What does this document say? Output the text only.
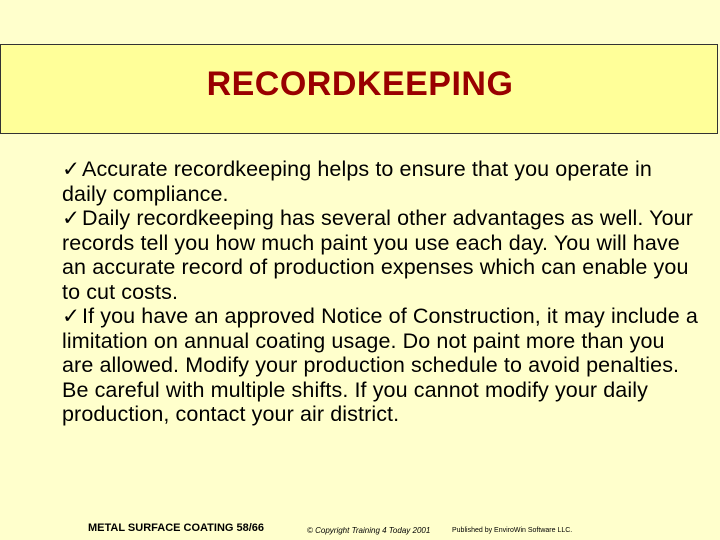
RECORDKEEPING

✓Accurate recordkeeping helps to ensure that you operate in daily compliance.

✓Daily recordkeeping has several other advantages as well. Your records tell you how much paint you use each day. You will have an accurate record of production expenses which can enable you to cut costs.

✓If you have an approved Notice of Construction, it may include a limitation on annual coating usage. Do not paint more than you are allowed. Modify your production schedule to avoid penalties. Be careful with multiple shifts. If you cannot modify your daily production, contact your air district.

METAL SURFACE COATING 58/66	© Copyright Training 4 Today 2001	Published by EnviroWin Software LLC.
